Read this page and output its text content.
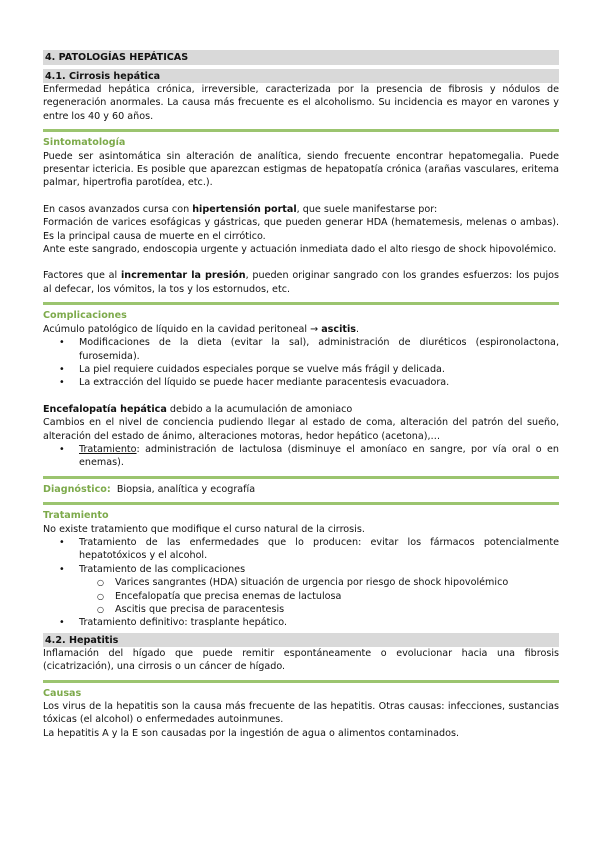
4. PATOLOGÍAS HEPÁTICAS
4.1. Cirrosis hepática

Enfermedad hepática crónica, irreversible, caracterizada por la presencia de fibrosis y nódulos de regeneración anormales. La causa más frecuente es el alcoholismo. Su incidencia es mayor en varones y entre los 40 y 60 años.

Sintomatología

Puede ser asintomática sin alteración de analítica, siendo frecuente encontrar hepatomegalia. Puede presentar ictericia. Es posible que aparezcan estigmas de hepatopatía crónica (arañas vasculares, eritema palmar, hipertrofia parotídea, etc.).

En casos avanzados cursa con hipertensión portal, que suele manifestarse por:

Formación de varices esofágicas y gástricas, que pueden generar HDA (hematemesis, melenas o ambas). Es la principal causa de muerte en el cirrótico.

Ante este sangrado, endoscopia urgente y actuación inmediata dado el alto riesgo de shock hipovolémico.

Factores que al incrementar la presión, pueden originar sangrado con los grandes esfuerzos: los pujos al defecar, los vómitos, la tos y los estornudos, etc.

Complicaciones

Acúmulo patológico de líquido en la cavidad peritoneal → ascitis.

• Modificaciones de la dieta (evitar la sal), administración de diuréticos (espironolactona, furosemida).
• La piel requiere cuidados especiales porque se vuelve más frágil y delicada.
• La extracción del líquido se puede hacer mediante paracentesis evacuadora.

Encefalopatía hepática debido a la acumulación de amoniaco

Cambios en el nivel de conciencia pudiendo llegar al estado de coma, alteración del patrón del sueño, alteración del estado de ánimo, alteraciones motoras, hedor hepático (acetona),…

• Tratamiento: administración de lactulosa (disminuye el amoníaco en sangre, por vía oral o en enemas).

Diagnóstico: Biopsia, analítica y ecografía

Tratamiento

No existe tratamiento que modifique el curso natural de la cirrosis.

• Tratamiento de las enfermedades que lo producen: evitar los fármacos potencialmente hepatotóxicos y el alcohol.
• Tratamiento de las complicaciones
○ Varices sangrantes (HDA) situación de urgencia por riesgo de shock hipovolémico
○ Encefalopatía que precisa enemas de lactulosa
○ Ascitis que precisa de paracentesis
• Tratamiento definitivo: trasplante hepático.
4.2. Hepatitis

Inflamación del hígado que puede remitir espontáneamente o evolucionar hacia una fibrosis (cicatrización), una cirrosis o un cáncer de hígado.

Causas

Los virus de la hepatitis son la causa más frecuente de las hepatitis. Otras causas: infecciones, sustancias tóxicas (el alcohol) o enfermedades autoinmunes.

La hepatitis A y la E son causadas por la ingestión de agua o alimentos contaminados.
